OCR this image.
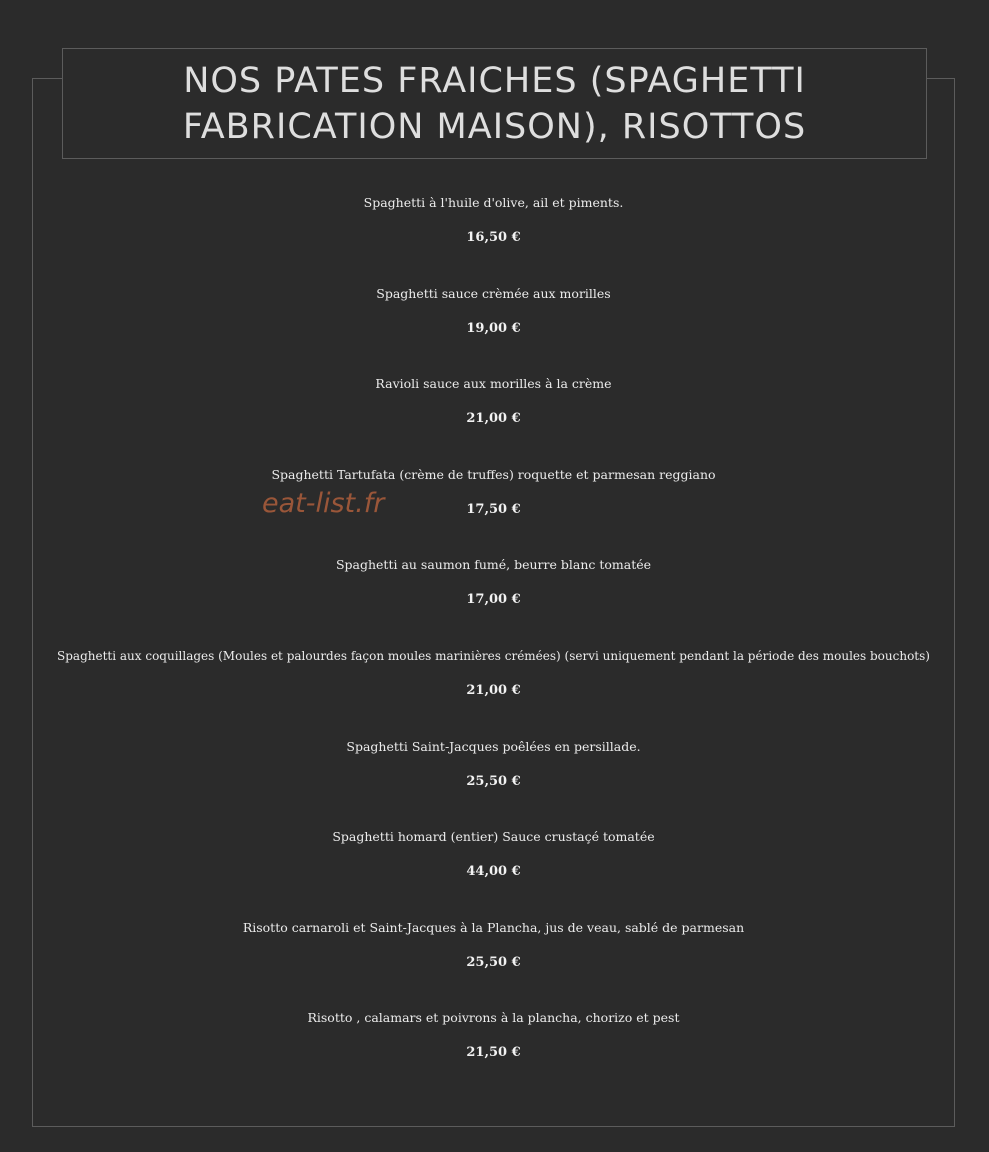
NOS PATES FRAICHES (SPAGHETTI FABRICATION MAISON), RISOTTOS
Spaghetti à l'huile d'olive, ail et piments.
16,50 €
Spaghetti sauce crèmée aux morilles
19,00 €
Ravioli sauce aux morilles à la crème
21,00 €
Spaghetti Tartufata (crème de truffes) roquette et parmesan reggiano
17,50 €
Spaghetti au saumon fumé, beurre blanc tomatée
17,00 €
Spaghetti aux coquillages (Moules et palourdes façon moules marinières crémées) (servi uniquement pendant la période des moules bouchots)
21,00 €
Spaghetti Saint-Jacques poêlées en persillade.
25,50 €
Spaghetti homard (entier) Sauce crustaçé tomatée
44,00 €
Risotto carnaroli et Saint-Jacques à la Plancha, jus de veau, sablé de parmesan
25,50 €
Risotto , calamars et poivrons à la plancha, chorizo et pest
21,50 €

eat-list.fr
